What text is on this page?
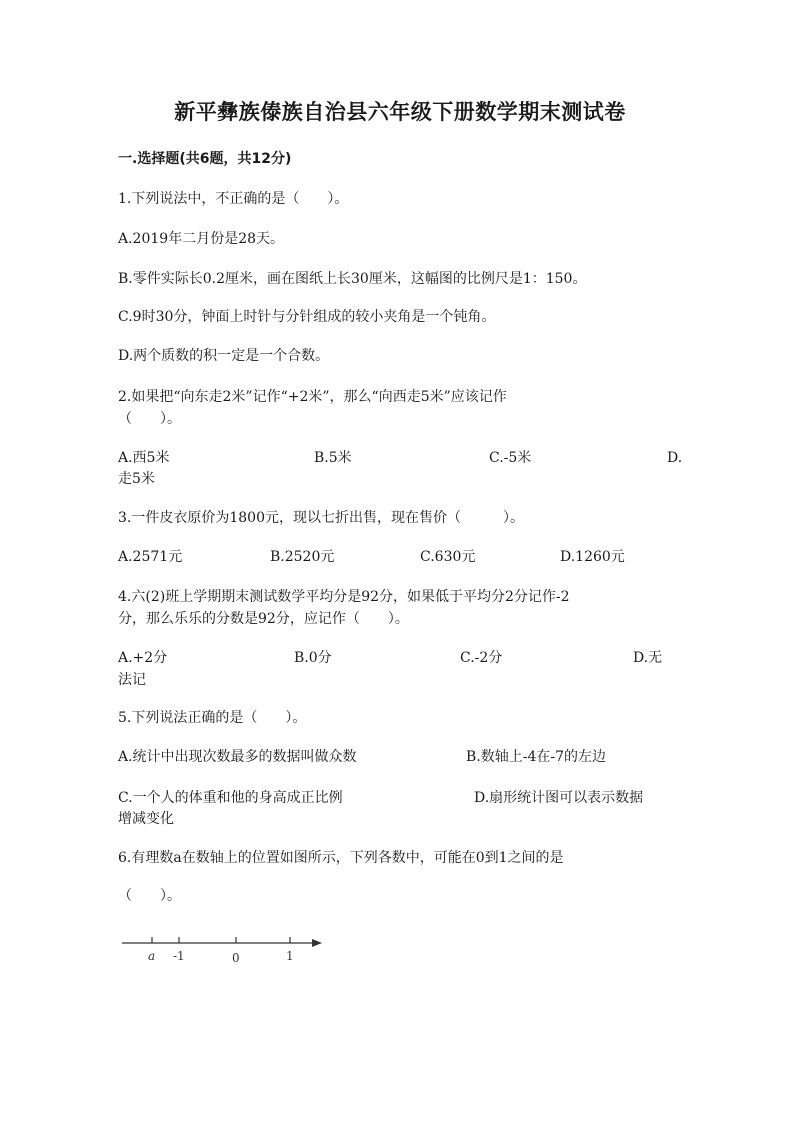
新平彝族傣族自治县六年级下册数学期末测试卷
一.选择题(共6题，共12分)
1.下列说法中，不正确的是（　　）。
A.2019年二月份是28天。
B.零件实际长0.2厘米，画在图纸上长30厘米，这幅图的比例尺是1：150。
C.9时30分，钟面上时针与分针组成的较小夹角是一个钝角。
D.两个质数的积一定是一个合数。
2.如果把“向东走2米”记作“+2米”，那么“向西走5米”应该记作
（　　）。
A.西5米	B.5米	C.-5米	D.
走5米
3.一件皮衣原价为1800元，现以七折出售，现在售价（　　　）。
A.2571元	B.2520元	C.630元	D.1260元
4.六(2)班上学期期末测试数学平均分是92分，如果低于平均分2分记作-2
分，那么乐乐的分数是92分，应记作（　　）。
A.+2分	B.0分	C.-2分	D.无
法记
5.下列说法正确的是（　　）。
A.统计中出现次数最多的数据叫做众数	B.数轴上-4在-7的左边
C.一个人的体重和他的身高成正比例	D.扇形统计图可以表示数据
增减变化
6.有理数a在数轴上的位置如图所示，下列各数中，可能在0到1之间的是
（　　）。
a -1	0	1
